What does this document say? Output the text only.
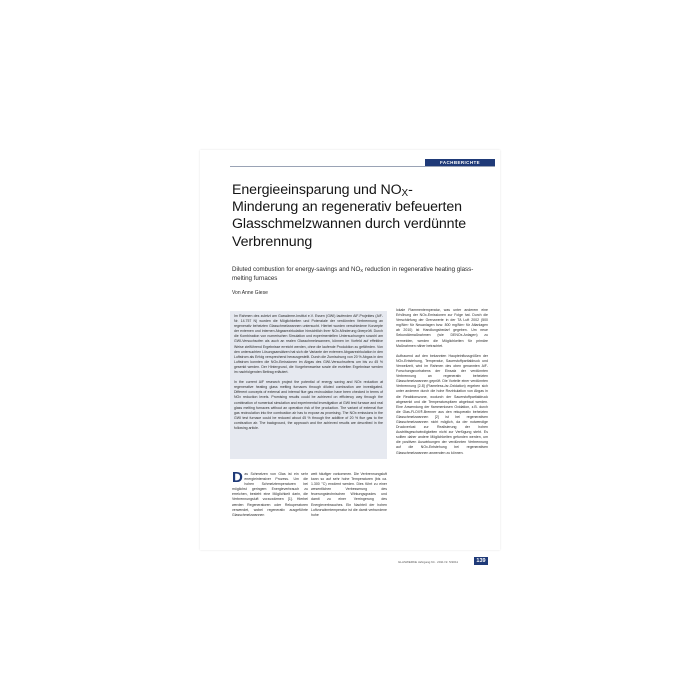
FACHBERICHTE
Energieeinsparung und $NO_X-$
Minderung an regenerativ befeuerten
Glasschmelzwannen durch verdünnte
Verbrennung

Diluted combustion for energy-savings and $NO_X$ reduction in regenerative heating glass-melting furnaces

Von Anne Giese

Im Rahmen des zuletzt am Gaswärme-Institut e.V. Essen (GWI) laufenden AiF-Projektes (AiF-Nr. 14.757 N) wurden die Möglichkeiten und Potenziale der verdünnten Verbrennung an regenerativ beheizten Glasschmelzwannen untersucht. Hierbei wurden verschiedene Konzepte der externen und internen Abgasrezirkulation hinsichtlich ihrer NOx-Minderung überprüft. Durch die Kombination von numerischen Simulation und experimentellen Untersuchungen sowohl am GWI-Versuchsofen als auch an realen Glasschmelzwannen, können im Vorfeld auf effektive Weise zielführend Ergebnisse erreicht werden, ohne die laufende Produktion zu gefährden. Von den untersuchten Lösungsansätzen hat sich die Variante der externen Abgasrezirkulation in den Luftstrom als Erfolg versprechend herausgestellt. Durch die Zumischung von 20 % Abgas in den Luftstrom konnten die NOx-Emissionen im Abgas des GWI-Versuchsofens um bis zu 45 % gesenkt werden. Der Hintergrund, die Vorgehensweise sowie die erzielten Ergebnisse werden im nachfolgenden Beitrag erläutert.

In the current AiF research project the potential of energy saving and NOx reduction at regenerative heating glass melting furnaces through diluted combustion are investigated. Different concepts of external and internal flue gas recirculation have been checked in terms of NOx reduction levels. Promising results could be achieved on efficiency way through the combination of numerical simulation and experimental investigation at GWI test furnace and real glass melting furnaces without an operation risk of the production. The variant of external flue gas recirculation into the combustion air has to expose as promising. The NOx emissions in the GWI test furnace could be reduced about 45 % through the additive of 20 % flue gas to the combustion air. The background, the approach and the achieved results are described in the following article.

Das Schmelzen von Glas ist ein sehr energieintensiver Prozess. Um die hohen Schmelztemperaturen bei möglichst geringem Energieverbrauch zu erreichen, besteht eine Möglichkeit darin, die Verbrennungsluft vorzuwärmen [1]. Hierbei werden Regeneratoren oder Rekuperatoren verwendet, wobei regenerativ ausgeführte Glasschmelzwannen

weit häufiger vorkommen. Die Verbrennungsluft kann so auf sehr hohe Temperaturen (bis ca. 1.300 °C) erwärmt werden. Dies führt zu einer wesentlichen Verbesserung des feuerungstechnischen Wirkungsgrades und damit zu einer Verringerung des Energieverbrauches. Ein Nachteil der hohen Luftvorwärmtemperatur ist die damit verbundene hohe

lokale Flammentemperatur, was unter anderem eine Erhöhung der NOx-Emissionen zur Folge hat. Durch die Verschärfung der Grenzwerte in der TA Luft 2002 (500 mg/Nm³ für Neuanlagen bzw. 800 mg/Nm³ für Altanlagen ab 2010) ist Handlungsbedarf gegeben. Um neue Sekundärmaßnahmen (wie DENOx-Anlagen) zu vermeiden, werden die Möglichkeiten für primäre Maßnahmen näher betrachtet.

Aufbauend auf den bekannten Haupteinflussgrößen der NOx-Entstehung, Temperatur, Sauerstoffpartialdruck und Verweilzeit, wird im Rahmen des oben genannten AiF-Forschungsvorhabens der Einsatz der verdünnten Verbrennung an regenerativ beheizten Glasschmelzwannen geprüft. Die Vorteile einer verdünnten Verbrennung [2-8] (Flameless-/ar-Oxidation) ergeben sich unter anderem durch die hohe Rezirkulation von Abgas in die Reaktionszone, wodurch der Sauerstoffpartialdruck abgesenkt und die Temperaturspitzen abgebaut werden. Eine Anwendung der flammenlosen Oxidation, z.B. durch die Glas-FLOX®-Brenner aus den rekuperativ beheizten Glasschmelzwannen [2] ist bei regenerativen Glasschmelzwannen nicht möglich, da der notwendige Druckverlust zur Realisierung der hohen Austrittsgeschwindigkeiten nicht zur Verfügung steht. Es sollten daher andere Möglichkeiten gefunden werden, um die positiven Auswirkungen der verdünnten Verbrennung auf die NOx-Entstehung bei regenerativen Glasschmelzwannen anwenden zu können.

GLASWERKE Jahrgang 64 · 2011 Nr. 5/2011	139
